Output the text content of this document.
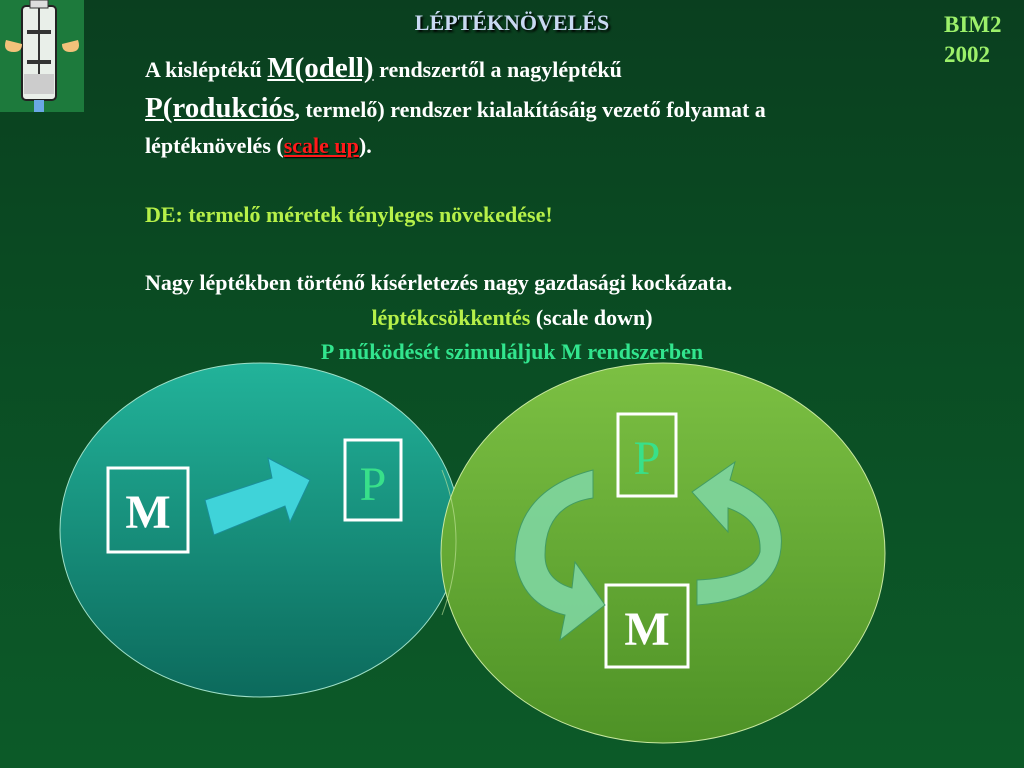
LÉPTÉKNÖVELÉS	BIM2
2002
A kisléptékű M(odell) rendszertől a nagyléptékű
P(rodukciós, termelő) rendszer kialakításáig vezető folyamat a
léptéknövelés (scale up).
DE: termelő méretek tényleges növekedése!
Nagy léptékben történő kísérletezés nagy gazdasági kockázata.
léptékcsökkentés (scale down)
P működését szimuláljuk M rendszerben
M
P	P
M
